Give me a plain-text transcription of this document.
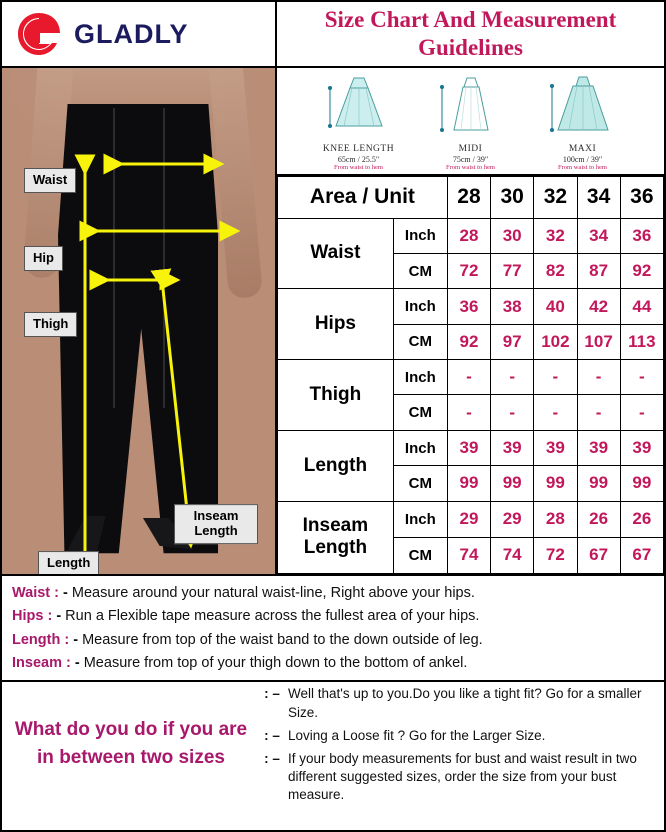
GLADLY	Size Chart And Measurement Guidelines
Waist
Hip
Thigh
Length
Inseam Length
KNEE LENGTH
65cm / 25.5"
From waist to hem
MIDI
75cm / 39"
From waist to hem
MAXI
100cm / 39"
From waist to hem
Area / Unit		28	30	32	34	36
Waist	Inch	28	30	32	34	36
	CM	72	77	82	87	92
Hips	Inch	36	38	40	42	44
	CM	92	97	102	107	113
Thigh	Inch	-	-	-	-	-
	CM	-	-	-	-	-
Length	Inch	39	39	39	39	39
	CM	99	99	99	99	99
Inseam Length	Inch	29	29	28	26	26
	CM	74	74	72	67	67
Waist : - Measure around your natural waist-line, Right above your hips.
Hips : - Run a Flexible tape measure across the fullest area of your hips.
Length : - Measure from top of the waist band to the down outside of leg.
Inseam : - Measure from top of your thigh down to the bottom of ankel.
What do you do if you are in between two sizes
: – Well that's up to you.Do you like a tight fit? Go for a smaller Size.
: – Loving a Loose fit ? Go for the Larger Size.
: – If your body measurements for bust and waist result in two different suggested sizes, order the size from your bust measure.
